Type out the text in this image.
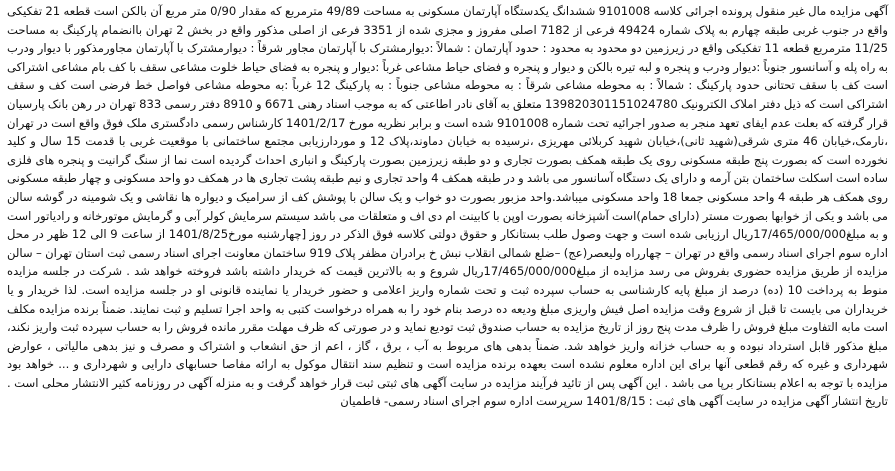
آگهی مزایده مال غیر منقول پرونده اجرائی کلاسه 9101008 ششدانگ یکدستگاه آپارتمان مسکونی به مساحت 49/89 مترمربع که مقدار 0/90 متر مربع آن بالکن است قطعه 21 تفکیکی واقع در جنوب غربی طبقه چهارم به پلاک شماره 49424 فرعی از 7182 اصلی مفروز و مجزی شده از 3351 فرعی از اصلی مذکور واقع در بخش 2 تهران باانضمام پارکینگ به مساحت 11/25 مترمربع قطعه 11 تفکیکی واقع در زیرزمین دو محدود به محدود : حدود آپارتمان : شمالاً :دیوارمشترک با آپارتمان مجاور شرقاً : دیوارمشترک با آپارتمان مجاورمذکور با دیوار ودرب به راه پله و آسانسور جنوباً :دیوار ودرب و پنجره و لبه تیره بالکن و دیوار و پنجره و فضای حیاط مشاعی غرباً :دیوار و پنجره به فضای حیاط خلوت مشاعی سقف با کف بام مشاعی اشتراکی است کف با سقف تحتانی حدود پارکینگ : شمالاً : به محوطه مشاعی شرقاً : به محوطه مشاعی جنوباً : به پارکینگ 12 غرباً :به محوطه مشاعی فواصل خط فرضی است کف و سقف اشتراکی است که ذیل دفتر املاک الکترونیک 139820301151024780 متعلق به آقای نادر اطاعتی که به موجب اسناد رهنی 6671 و 8910 دفتر رسمی 833 تهران در رهن بانک پارسیان قرار گرفته که بعلت عدم ایفای تعهد منجر به صدور اجرائیه تحت شماره 9101008 شده است و برابر نظریه مورخ 1401/2/17 کارشناس رسمی دادگستری ملک فوق واقع است در تهران ،نارمک،خیابان 46 متری شرقی(شهید ثانی)،خیابان شهید کربلائی مهریزی ،نرسیده به خیابان دماوند،پلاک 12 و موردارزیابی مجتمع ساختمانی با موقعیت غربی با قدمت 15 سال و کلید نخورده است که بصورت پنج طبقه مسکونی روی یک طبقه همکف بصورت تجاری و دو طبقه زیرزمین بصورت پارکینگ و انباری احداث گردیده است نما از سنگ گرانیت و پنجره های فلزی ساده است اسکلت ساختمان بتن آرمه و دارای یک دستگاه آسانسور می باشد و در طبقه همکف 4 واحد تجاری و نیم طبقه پشت تجاری ها در همکف دو واحد مسکونی و چهار طبقه مسکونی روی همکف هر طبقه 4 واحد مسکونی جمعا 18 واحد مسکونی میباشد.واحد مزبور بصورت دو خواب و یک سالن با پوشش کف از سرامیک و دیواره ها نقاشی و یک شومینه در گوشه سالن می باشد و یکی از خوابها بصورت مستر (دارای حمام)است آشپزخانه بصورت اوپن با کابینت ام دی اف و متعلقات می باشد سیستم سرمایش کولر آبی و گرمایش موتورخانه و رادیاتور است و به مبلغ17/465/000/000ریال ارزیابی شده است و جهت وصول طلب بستانکار و حقوق دولتی کلاسه فوق الذکر در روز [چهارشنبه مورخ1401/8/25 از ساعت 9 الی 12 ظهر در محل اداره سوم اجرای اسناد رسمی واقع در تهران – چهارراه ولیعصر(عج) –ضلع شمالی انقلاب نبش خ برادران مظفر پلاک 919 ساختمان معاونت اجرای اسناد رسمی ثبت استان تهران – سالن مزایده از طریق مزایده حضوری بفروش می رسد مزایده از مبلغ17/465/000/000ریال شروع و به بالاترین قیمت که خریدار داشته باشد فروخته خواهد شد . شرکت در جلسه مزایده منوط به پرداخت 10 (ده) درصد از مبلغ پایه کارشناسی به حساب سپرده ثبت و تحت شماره واریز اعلامی و حضور خریدار یا نماینده قانونی او در جلسه مزایده است. لذا خریدار و یا خریداران می بایست تا قبل از شروع وقت مزایده اصل فیش واریزی مبلغ ودیعه ده درصد بنام خود را به همراه درخواست کتبی به واحد اجرا تسلیم و ثبت نمایند. ضمناً برنده مزایده مکلف است مابه التفاوت مبلغ فروش را ظرف مدت پنج روز از تاریخ مزایده به حساب صندوق ثبت تودیع نماید و در صورتی که ظرف مهلت مقرر مانده فروش را به حساب سپرده ثبت واریز نکند، مبلغ مذکور قابل استرداد نبوده و به حساب خزانه واریز خواهد شد. ضمناً بدهی های مربوط به آب ، برق ، گاز ، اعم از حق انشعاب و اشتراک و مصرف و نیز بدهی مالیاتی ، عوارض شهرداری و غیره که رقم قطعی آنها برای این اداره معلوم نشده است بعهده برنده مزایده است و تنظیم سند انتقال موکول به ارائه مفاصا حسابهای دارایی و شهرداری و ... خواهد بود مزایده با توجه به اعلام بستانکار برپا می باشد . این آگهی پس از تائید فرآیند مزایده در سایت آگهی های ثبتی ثبت قرار خواهد گرفت و به منزله آگهی در روزنامه کثیر الانتشار محلی است . تاریخ انتشار آگهی مزایده در سایت آگهی های ثبت : 1401/8/15 سرپرست اداره سوم اجرای اسناد رسمی- فاطمیان
